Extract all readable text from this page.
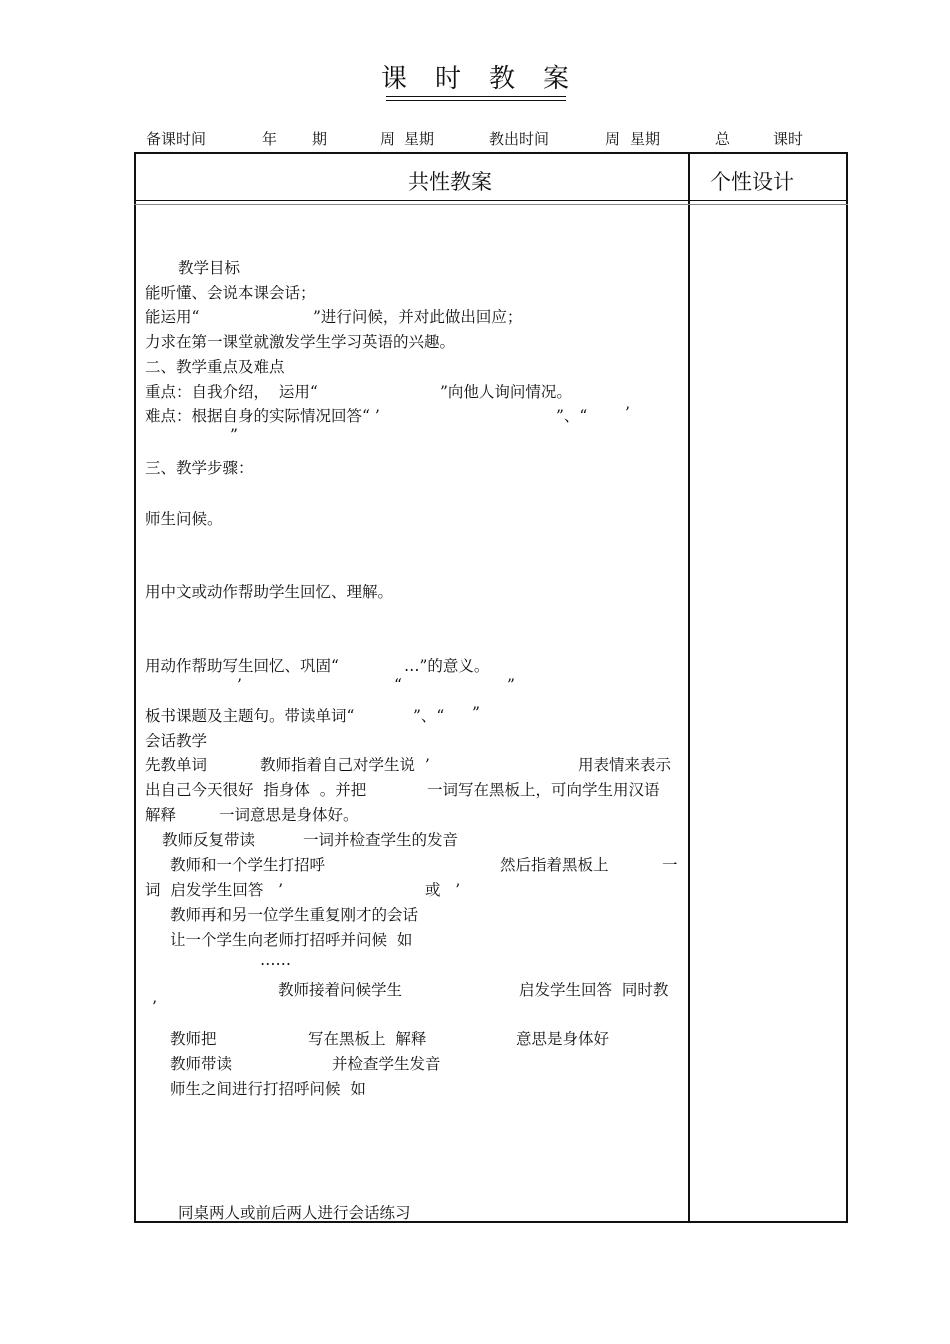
课时教案
备课时间	年 期	周 星期	教出时间	周 星期	总	课时
共性教案	个性设计
教学目标
能听懂、会说本课会话；
能运用“	”进行问候，并对此做出回应；
力求在第一课堂就激发学生学习英语的兴趣。
二、教学重点及难点
重点：自我介绍，  运用“	”向他人询问情况。
难点：根据自身的实际情况回答“ ’	”、“ ’
”
三、教学步骤：
师生问候。
用中文或动作帮助学生回忆、理解。
用动作帮助写生回忆、巩固“	…”的意义。
’	“	”
板书课题及主题句。带读单词“	”、“ ”
会话教学
先教单词	教师指着自己对学生说  ’	用表情来表示
出自己今天很好  指身体  。并把	一词写在黑板上，可向学生用汉语
解释	一词意思是身体好。
教师反复带读	一词并检查学生的发音
教师和一个学生打招呼	然后指着黑板上	一
词  启发学生回答   ’	或   ’
教师再和另一位学生重复刚才的会话
让一个学生向老师打招呼并问候  如
……
教师接着问候学生	启发学生回答  同时教
’
教师把	写在黑板上  解释	意思是身体好
教师带读	并检查学生发音
师生之间进行打招呼问候  如
同桌两人或前后两人进行会话练习
